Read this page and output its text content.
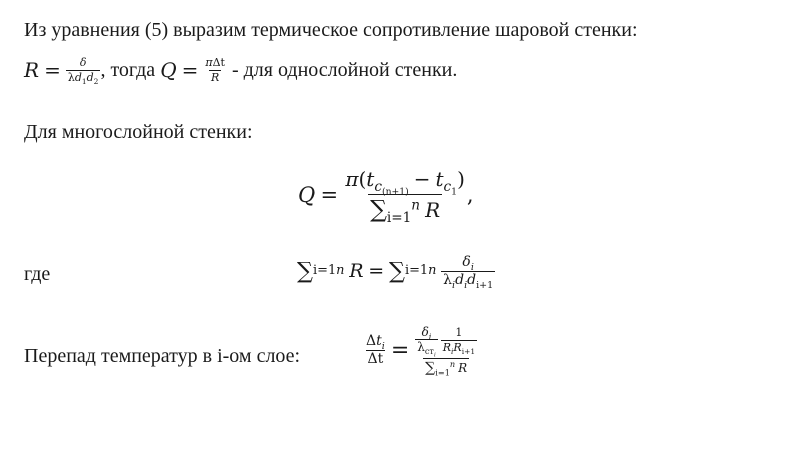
Из уравнения (5) выразим термическое сопротивление шаровой стенки:
R
=
$\frac{\delta}{\lambda d_1d_2}$ , тогда
Q
=
$\frac{\text{πΔt}}{R}$
- для однослойной стенки.
Для многослойной стенки:
Q
=
$\frac{\pi(t_{c_{(n+1)}} - t_{c_1})}{\sum_{i=1}^n R}$ ,
где	∑ i=1 n
R
=
∑ i=1 n
$\frac{\delta_i}{\lambda_id_id_{i+1}}$
Перепад температур в i-ом слое:	$\frac{\Delta t_i}{\Delta t}$
=
$\frac{\frac{\delta_i}{\lambda_{ст_i}} \frac{1}{R_iR_{i+1}}}{\sum_{i=1}^n R}$
